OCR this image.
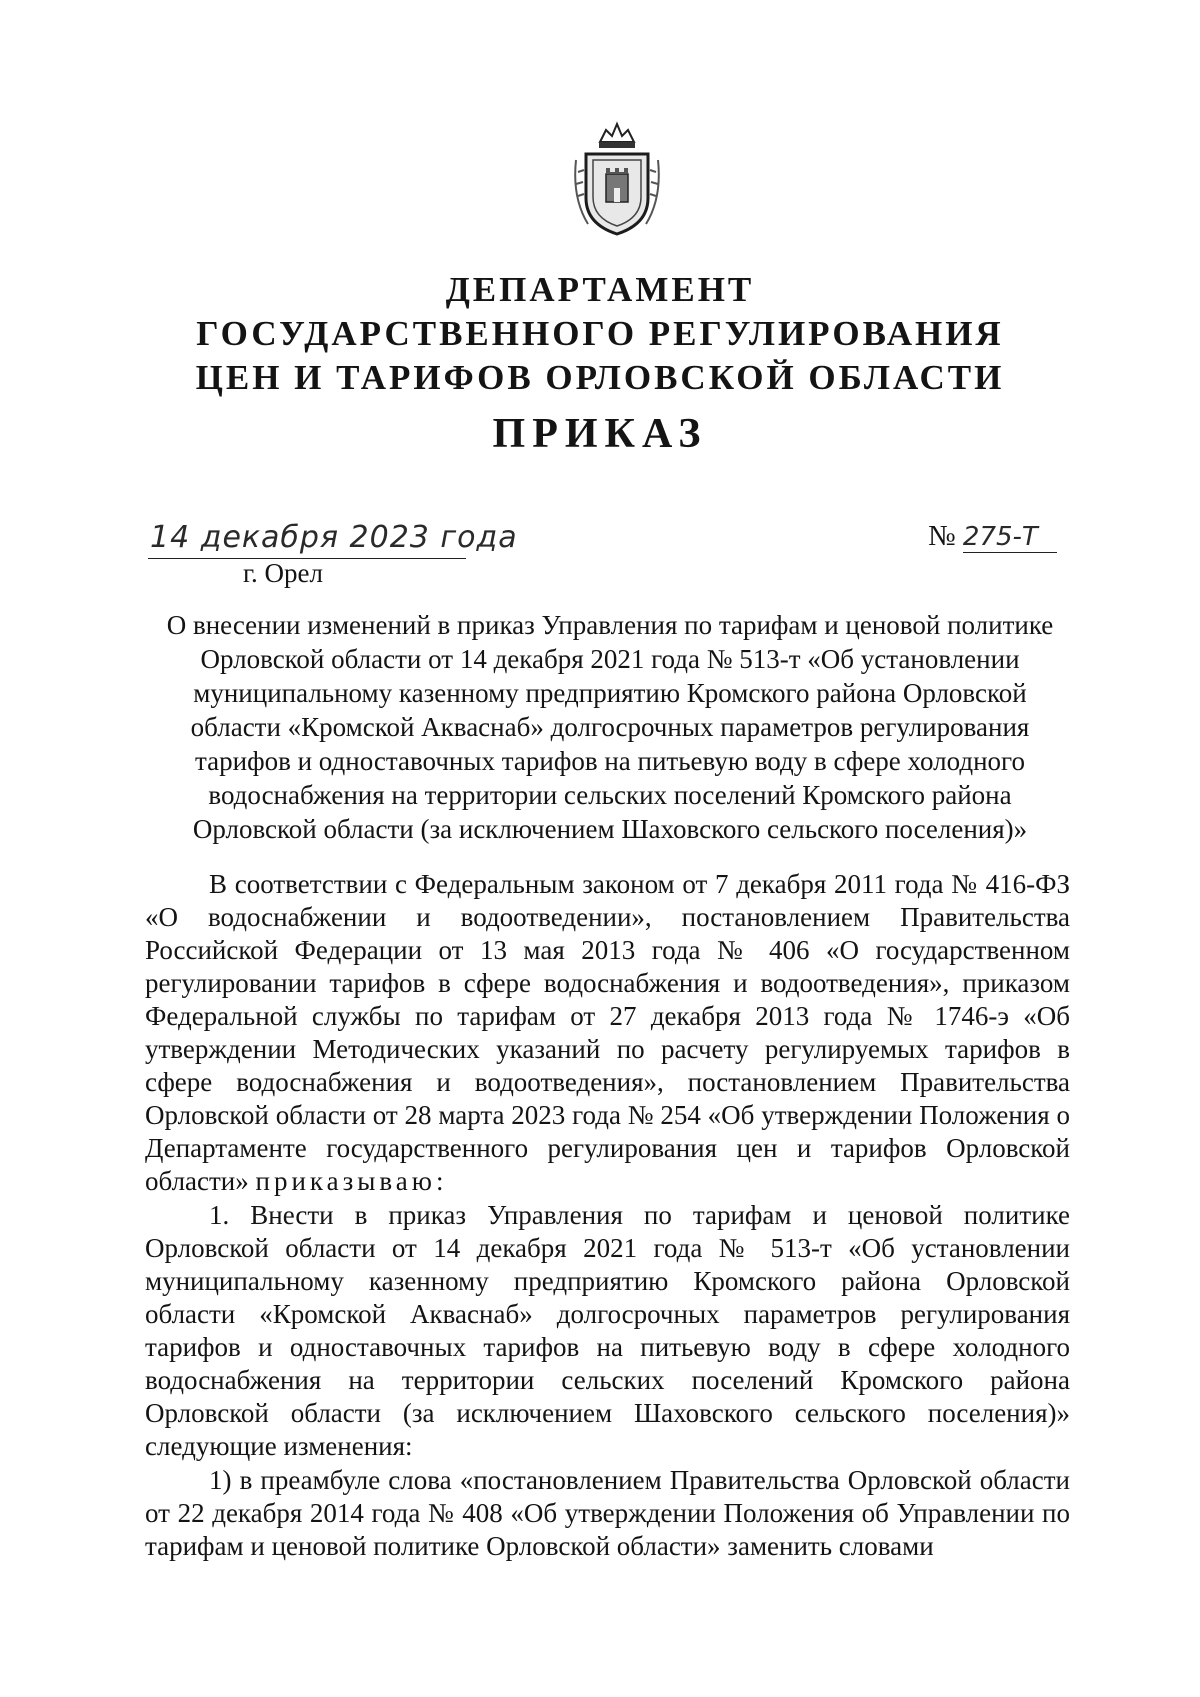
ДЕПАРТАМЕНТ
ГОСУДАРСТВЕННОГО РЕГУЛИРОВАНИЯ
ЦЕН И ТАРИФОВ ОРЛОВСКОЙ ОБЛАСТИ
ПРИКАЗ
14 декабря 2023 года
г. Орел
№ 275-Т
О внесении изменений в приказ Управления по тарифам и ценовой политике
Орловской области от 14 декабря 2021 года № 513-т «Об установлении
муниципальному казенному предприятию Кромского района Орловской
области «Кромской Акваснаб» долгосрочных параметров регулирования
тарифов и одноставочных тарифов на питьевую воду в сфере холодного
водоснабжения на территории сельских поселений Кромского района
Орловской области (за исключением Шаховского сельского поселения)»

В соответствии с Федеральным законом от 7 декабря 2011 года № 416-ФЗ «О водоснабжении и водоотведении», постановлением Правительства Российской Федерации от 13 мая 2013 года № 406 «О государственном регулировании тарифов в сфере водоснабжения и водоотведения», приказом Федеральной службы по тарифам от 27 декабря 2013 года № 1746-э «Об утверждении Методических указаний по расчету регулируемых тарифов в сфере водоснабжения и водоотведения», постановлением Правительства Орловской области от 28 марта 2023 года № 254 «Об утверждении Положения о Департаменте государственного регулирования цен и тарифов Орловской области» приказываю:

1. Внести в приказ Управления по тарифам и ценовой политике Орловской области от 14 декабря 2021 года № 513-т «Об установлении муниципальному казенному предприятию Кромского района Орловской области «Кромской Акваснаб» долгосрочных параметров регулирования тарифов и одноставочных тарифов на питьевую воду в сфере холодного водоснабжения на территории сельских поселений Кромского района Орловской области (за исключением Шаховского сельского поселения)» следующие изменения:

1) в преамбуле слова «постановлением Правительства Орловской области от 22 декабря 2014 года № 408 «Об утверждении Положения об Управлении по тарифам и ценовой политике Орловской области» заменить словами
